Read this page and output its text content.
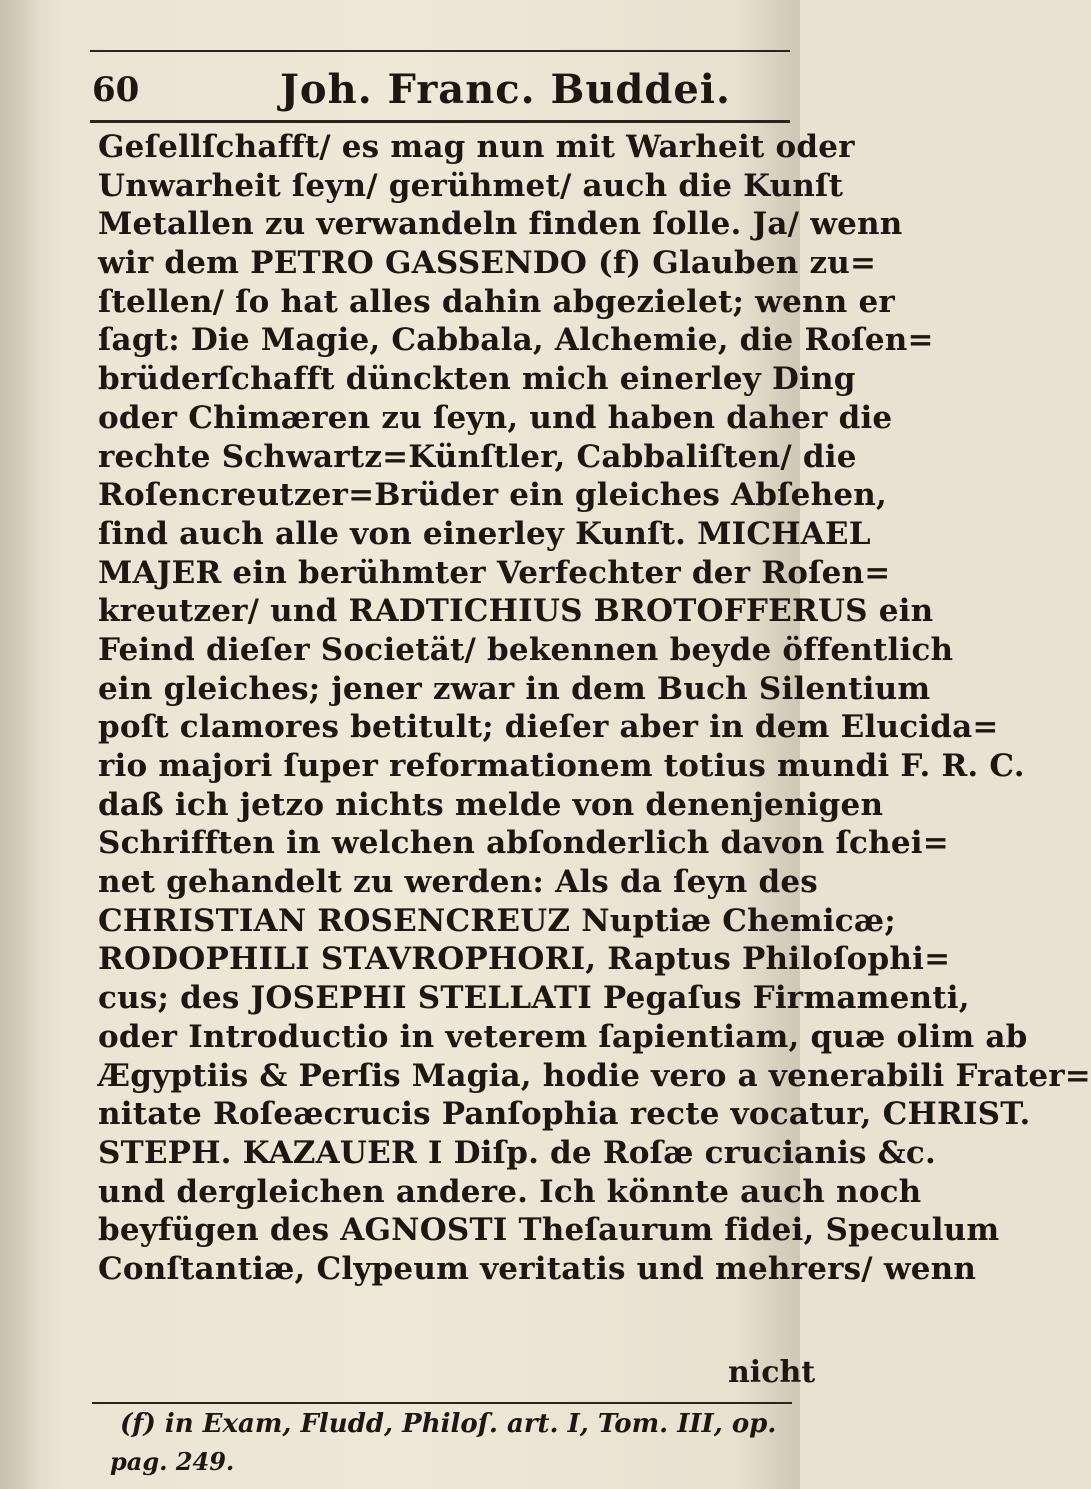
60	Joh. Franc. Buddei.
Geſellſchafft/ es mag nun mit Warheit oder
Unwarheit ſeyn/ gerühmet/ auch die Kunſt
Metallen zu verwandeln finden ſolle. Ja/ wenn
wir dem PETRO GASSENDO (f) Glauben zu=
ſtellen/ ſo hat alles dahin abgezielet; wenn er
ſagt: Die Magie, Cabbala, Alchemie, die Roſen=
brüderſchafft dünckten mich einerley Ding
oder Chimæren zu ſeyn, und haben daher die
rechte Schwartz=Künſtler, Cabbaliſten/ die
Roſencreutzer=Brüder ein gleiches Abſehen,
ſind auch alle von einerley Kunſt. MICHAEL
MAJER ein berühmter Verfechter der Roſen=
kreutzer/ und RADTICHIUS BROTOFFERUS ein
Feind dieſer Societät/ bekennen beyde öffentlich
ein gleiches; jener zwar in dem Buch Silentium
poſt clamores betitult; dieſer aber in dem Elucida=
rio majori ſuper reformationem totius mundi F. R. C.
daß ich jetzo nichts melde von denenjenigen
Schrifften in welchen abſonderlich davon ſchei=
net gehandelt zu werden: Als da ſeyn des
CHRISTIAN ROSENCREUZ Nuptiæ Chemicæ;
RODOPHILI STAVROPHORI, Raptus Philoſophi=
cus; des JOSEPHI STELLATI Pegaſus Firmamenti,
oder Introductio in veterem ſapientiam, quæ olim ab
Ægyptiis & Perſis Magia, hodie vero a venerabili Frater=
nitate Roſeæcrucis Panſophia recte vocatur, CHRIST.
STEPH. KAZAUER I Diſp. de Roſæ crucianis &c.
und dergleichen andere. Ich könnte auch noch
beyfügen des AGNOSTI Theſaurum fidei, Speculum
Conſtantiæ, Clypeum veritatis und mehrers/ wenn
nicht
(f) in Exam, Fludd, Philoſ. art. I, Tom. III, op.
pag. 249.
